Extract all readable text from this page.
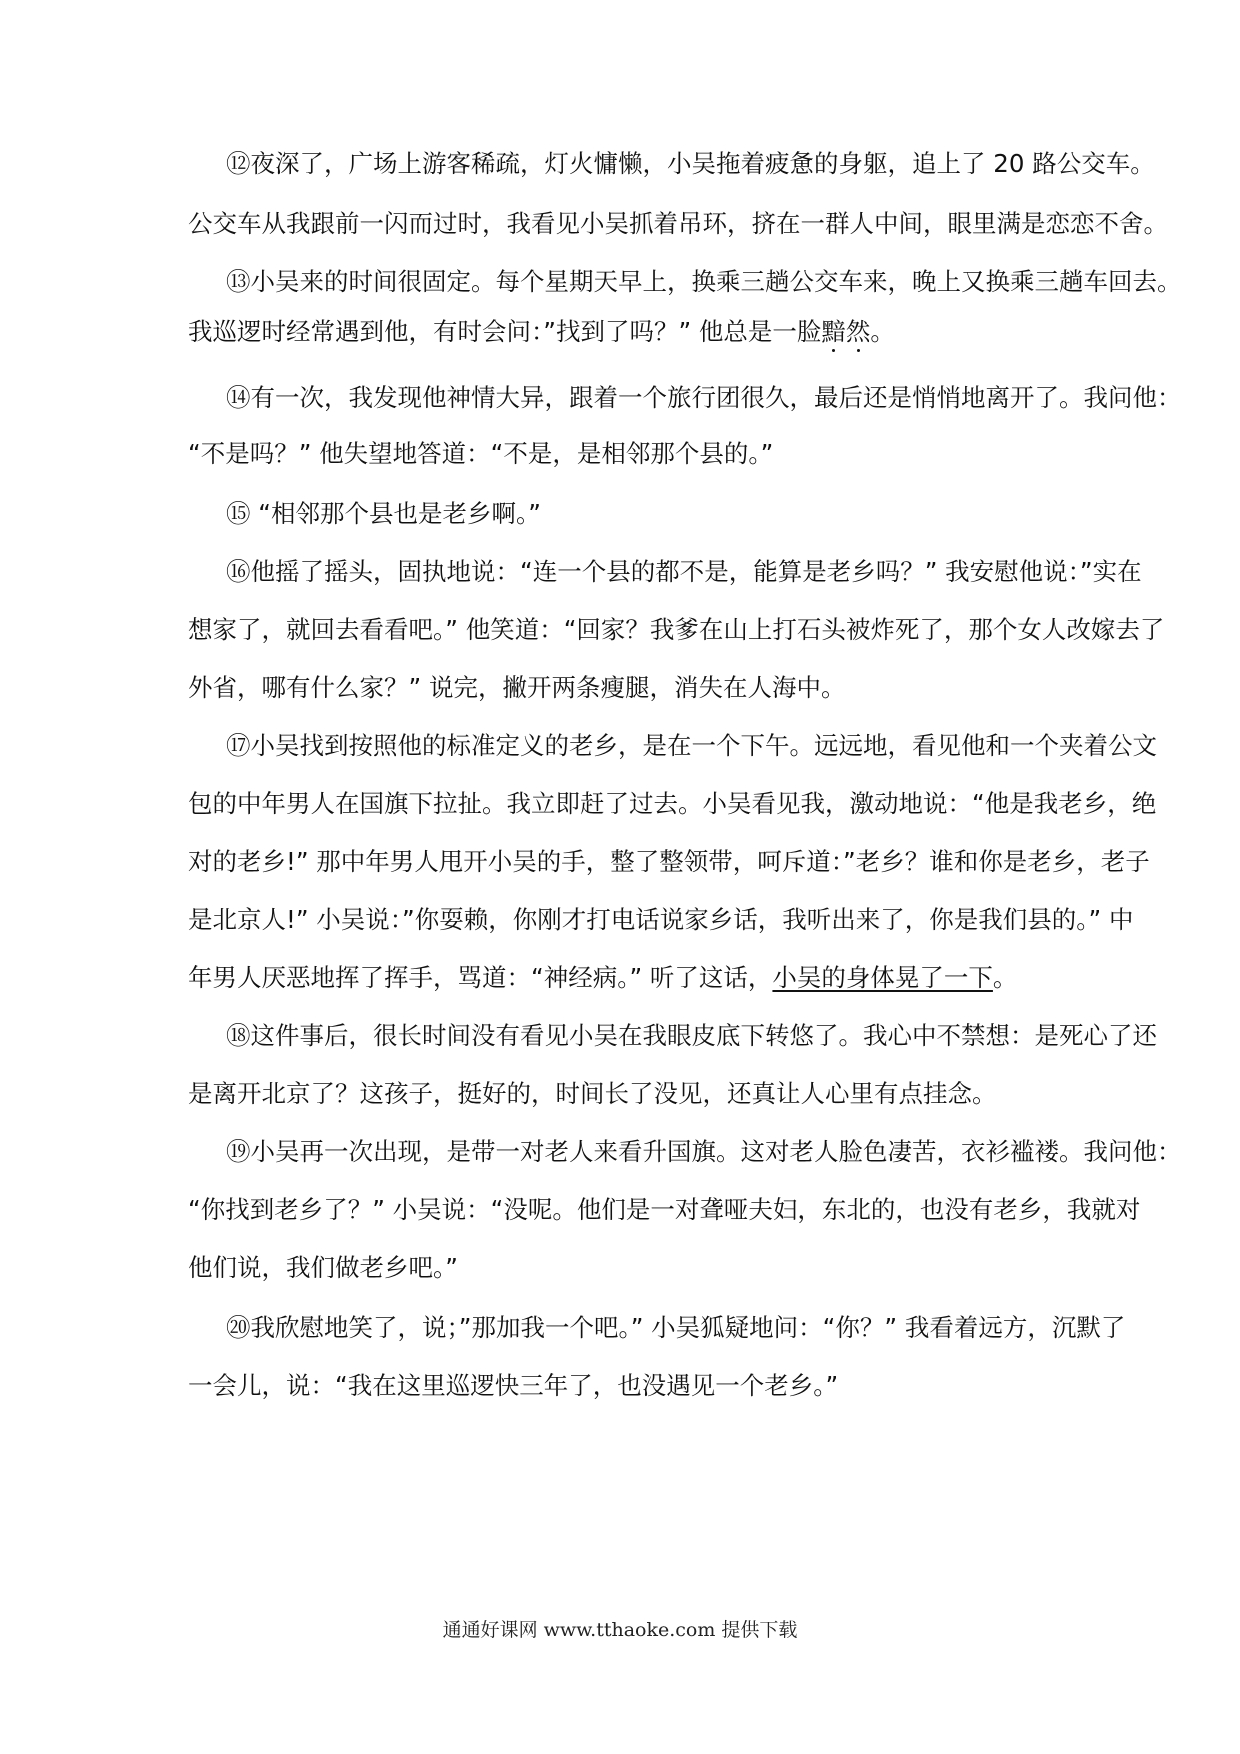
⑫夜深了，广场上游客稀疏，灯火慵懒，小吴拖着疲惫的身躯，追上了 20 路公交车。
公交车从我跟前一闪而过时，我看见小吴抓着吊环，挤在一群人中间，眼里满是恋恋不舍。
⑬小吴来的时间很固定。每个星期天早上，换乘三趟公交车来，晚上又换乘三趟车回去。
我巡逻时经常遇到他，有时会问：”找到了吗？” 他总是一脸黯然。
⑭有一次，我发现他神情大异，跟着一个旅行团很久，最后还是悄悄地离开了。我问他：
“不是吗？” 他失望地答道：“不是，是相邻那个县的。”
⑮ “相邻那个县也是老乡啊。”
⑯他摇了摇头，固执地说：“连一个县的都不是，能算是老乡吗？” 我安慰他说：”实在
想家了，就回去看看吧。” 他笑道：“回家？我爹在山上打石头被炸死了，那个女人改嫁去了
外省，哪有什么家？” 说完，撇开两条瘦腿，消失在人海中。
⑰小吴找到按照他的标准定义的老乡，是在一个下午。远远地，看见他和一个夹着公文
包的中年男人在国旗下拉扯。我立即赶了过去。小吴看见我，激动地说：“他是我老乡，绝
对的老乡!” 那中年男人甩开小吴的手，整了整领带，呵斥道：”老乡？谁和你是老乡，老子
是北京人!” 小吴说：”你耍赖，你刚才打电话说家乡话，我听出来了，你是我们县的。” 中
年男人厌恶地挥了挥手，骂道：“神经病。” 听了这话，小吴的身体晃了一下。
⑱这件事后，很长时间没有看见小吴在我眼皮底下转悠了。我心中不禁想：是死心了还
是离开北京了？这孩子，挺好的，时间长了没见，还真让人心里有点挂念。
⑲小吴再一次出现，是带一对老人来看升国旗。这对老人脸色凄苦，衣衫褴褛。我问他：
“你找到老乡了？” 小吴说：“没呢。他们是一对聋哑夫妇，东北的，也没有老乡，我就对
他们说，我们做老乡吧。”
⑳我欣慰地笑了，说；”那加我一个吧。” 小吴狐疑地问：“你？” 我看着远方，沉默了
一会儿，说：“我在这里巡逻快三年了，也没遇见一个老乡。”
通通好课网 www.tthaoke.com 提供下载
